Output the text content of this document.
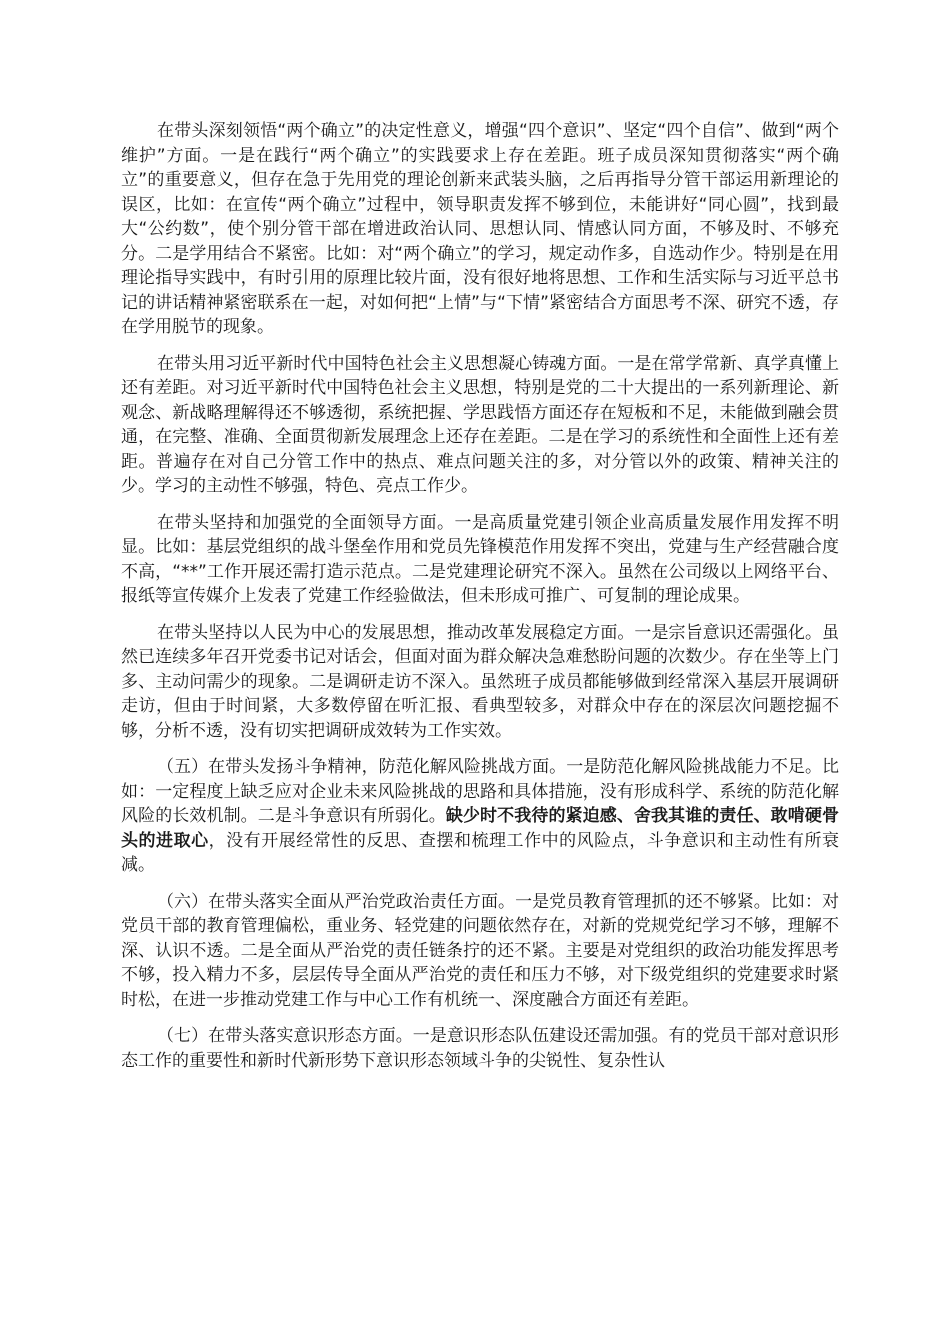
在带头深刻领悟“两个确立”的决定性意义，增强“四个意识”、坚定“四个自信”、做到“两个维护”方面。一是在践行“两个确立”的实践要求上存在差距。班子成员深知贯彻落实“两个确立”的重要意义，但存在急于先用党的理论创新来武装头脑，之后再指导分管干部运用新理论的误区，比如：在宣传“两个确立”过程中，领导职责发挥不够到位，未能讲好“同心圆”，找到最大“公约数”，使个别分管干部在增进政治认同、思想认同、情感认同方面，不够及时、不够充分。二是学用结合不紧密。比如：对“两个确立”的学习，规定动作多，自选动作少。特别是在用理论指导实践中，有时引用的原理比较片面，没有很好地将思想、工作和生活实际与习近平总书记的讲话精神紧密联系在一起，对如何把“上情”与“下情”紧密结合方面思考不深、研究不透，存在学用脱节的现象。

在带头用习近平新时代中国特色社会主义思想凝心铸魂方面。一是在常学常新、真学真懂上还有差距。对习近平新时代中国特色社会主义思想，特别是党的二十大提出的一系列新理论、新观念、新战略理解得还不够透彻，系统把握、学思践悟方面还存在短板和不足，未能做到融会贯通，在完整、准确、全面贯彻新发展理念上还存在差距。二是在学习的系统性和全面性上还有差距。普遍存在对自己分管工作中的热点、难点问题关注的多，对分管以外的政策、精神关注的少。学习的主动性不够强，特色、亮点工作少。

在带头坚持和加强党的全面领导方面。一是高质量党建引领企业高质量发展作用发挥不明显。比如：基层党组织的战斗堡垒作用和党员先锋模范作用发挥不突出，党建与生产经营融合度不高，“**”工作开展还需打造示范点。二是党建理论研究不深入。虽然在公司级以上网络平台、报纸等宣传媒介上发表了党建工作经验做法，但未形成可推广、可复制的理论成果。

在带头坚持以人民为中心的发展思想，推动改革发展稳定方面。一是宗旨意识还需强化。虽然已连续多年召开党委书记对话会，但面对面为群众解决急难愁盼问题的次数少。存在坐等上门多、主动问需少的现象。二是调研走访不深入。虽然班子成员都能够做到经常深入基层开展调研走访，但由于时间紧，大多数停留在听汇报、看典型较多，对群众中存在的深层次问题挖掘不够，分析不透，没有切实把调研成效转为工作实效。

（五）在带头发扬斗争精神，防范化解风险挑战方面。一是防范化解风险挑战能力不足。比如：一定程度上缺乏应对企业未来风险挑战的思路和具体措施，没有形成科学、系统的防范化解风险的长效机制。二是斗争意识有所弱化。缺少时不我待的紧迫感、舍我其谁的责任、敢啃硬骨头的进取心，没有开展经常性的反思、查摆和梳理工作中的风险点，斗争意识和主动性有所衰减。

（六）在带头落实全面从严治党政治责任方面。一是党员教育管理抓的还不够紧。比如：对党员干部的教育管理偏松，重业务、轻党建的问题依然存在，对新的党规党纪学习不够，理解不深、认识不透。二是全面从严治党的责任链条拧的还不紧。主要是对党组织的政治功能发挥思考不够，投入精力不多，层层传导全面从严治党的责任和压力不够，对下级党组织的党建要求时紧时松，在进一步推动党建工作与中心工作有机统一、深度融合方面还有差距。

（七）在带头落实意识形态方面。一是意识形态队伍建设还需加强。有的党员干部对意识形态工作的重要性和新时代新形势下意识形态领域斗争的尖锐性、复杂性认
